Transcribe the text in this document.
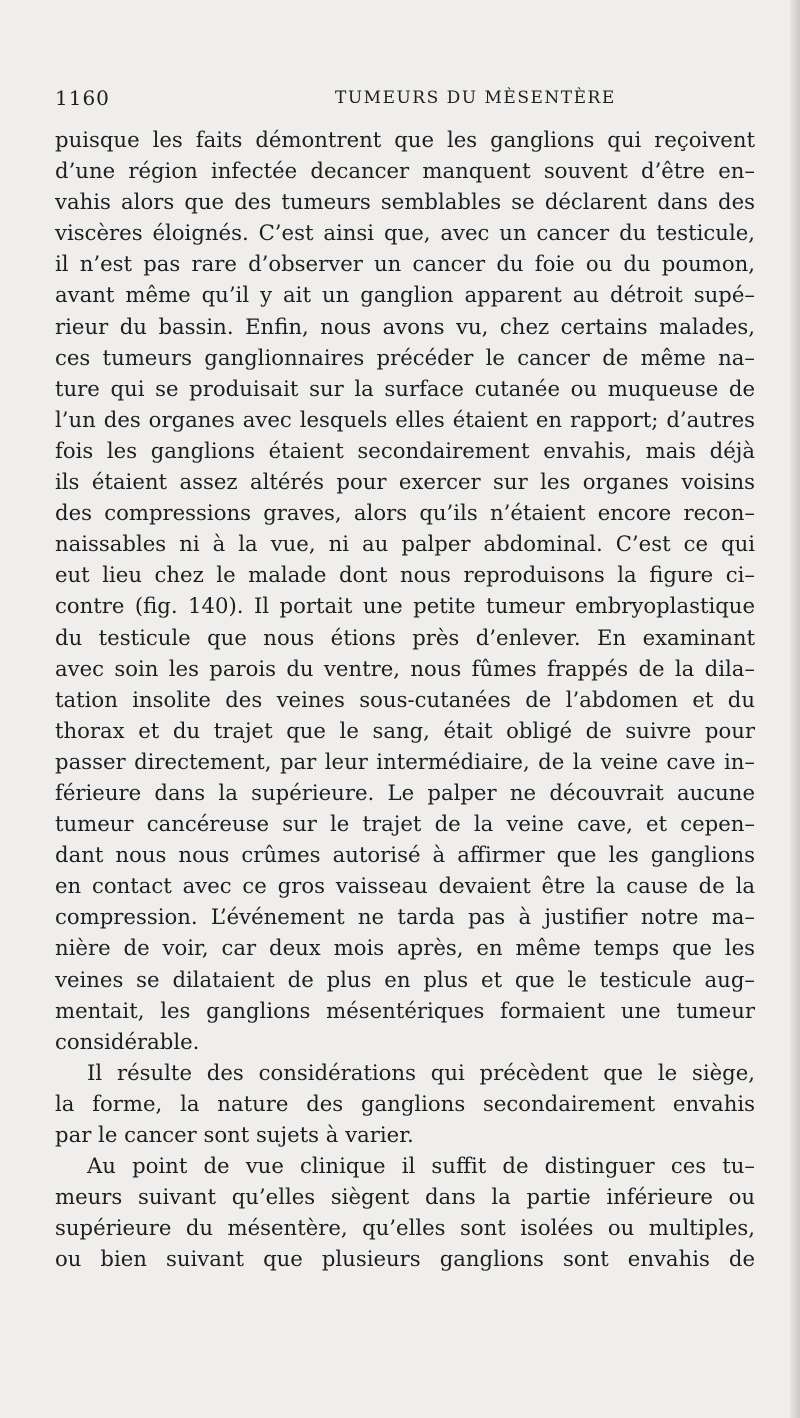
1160	TUMEURS DU MÈSENTÈRE
puisque les faits démontrent que les ganglions qui reçoivent
d’une région infectée decancer manquent souvent d’être en–
vahis alors que des tumeurs semblables se déclarent dans des
viscères éloignés. C’est ainsi que, avec un cancer du testicule,
il n’est pas rare d’observer un cancer du foie ou du poumon,
avant même qu’il y ait un ganglion apparent au détroit supé–
rieur du bassin. Enfin, nous avons vu, chez certains malades,
ces tumeurs ganglionnaires précéder le cancer de même na–
ture qui se produisait sur la surface cutanée ou muqueuse de
l’un des organes avec lesquels elles étaient en rapport; d’autres
fois les ganglions étaient secondairement envahis, mais déjà
ils étaient assez altérés pour exercer sur les organes voisins
des compressions graves, alors qu’ils n’étaient encore recon–
naissables ni à la vue, ni au palper abdominal. C’est ce qui
eut lieu chez le malade dont nous reproduisons la figure ci–
contre (fig. 140). Il portait une petite tumeur embryoplastique
du testicule que nous étions près d’enlever. En examinant
avec soin les parois du ventre, nous fûmes frappés de la dila–
tation insolite des veines sous-cutanées de l’abdomen et du
thorax et du trajet que le sang, était obligé de suivre pour
passer directement, par leur intermédiaire, de la veine cave in–
férieure dans la supérieure. Le palper ne découvrait aucune
tumeur cancéreuse sur le trajet de la veine cave, et cepen–
dant nous nous crûmes autorisé à affirmer que les ganglions
en contact avec ce gros vaisseau devaient être la cause de la
compression. L’événement ne tarda pas à justifier notre ma–
nière de voir, car deux mois après, en même temps que les
veines se dilataient de plus en plus et que le testicule aug–
mentait, les ganglions mésentériques formaient une tumeur
considérable.
Il résulte des considérations qui précèdent que le siège,
la forme, la nature des ganglions secondairement envahis
par le cancer sont sujets à varier.
Au point de vue clinique il suffit de distinguer ces tu–
meurs suivant qu’elles siègent dans la partie inférieure ou
supérieure du mésentère, qu’elles sont isolées ou multiples,
ou bien suivant que plusieurs ganglions sont envahis de
